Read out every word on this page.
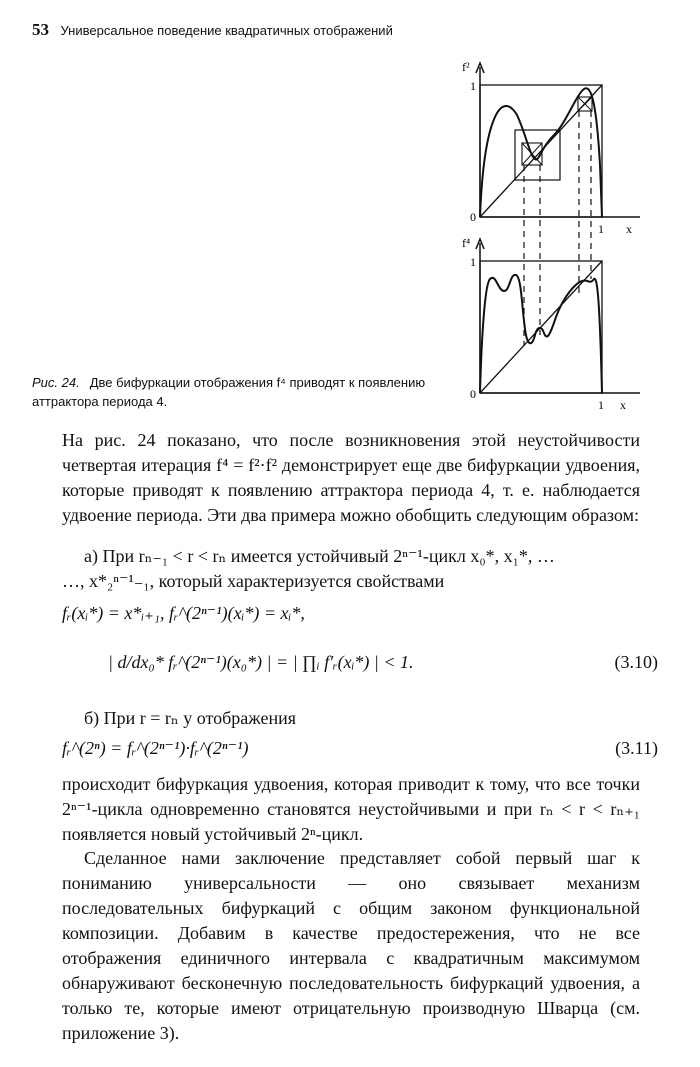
53 Универсальное поведение квадратичных отображений
f²
1
0
1 x
f⁴
1
0
1 x
Рис. 24. Две бифуркации отображения f⁴ приводят к появлению аттрактора периода 4.
На рис. 24 показано, что после возникновения этой неустойчивости четвертая итерация f⁴ = f²·f² демонстрирует еще две бифуркации удвоения, которые приводят к появлению аттрактора периода 4, т. е. наблюдается удвоение периода. Эти два примера можно обобщить следующим образом:
а) При rₙ₋₁ < r < rₙ имеется устойчивый 2ⁿ⁻¹-цикл x₀*, x₁*, …
…, x*₂ⁿ⁻¹₋₁, который характеризуется свойствами
fᵣ(xᵢ*) = x*ᵢ₊₁, fᵣ^(2ⁿ⁻¹)(xᵢ*) = xᵢ*,
| d/dx₀* fᵣ^(2ⁿ⁻¹)(x₀*) | = | ∏ᵢ f′ᵣ(xᵢ*) | < 1.	(3.10)
б) При r = rₙ у отображения
fᵣ^(2ⁿ) = fᵣ^(2ⁿ⁻¹)·fᵣ^(2ⁿ⁻¹)	(3.11)
происходит бифуркация удвоения, которая приводит к тому, что все точки 2ⁿ⁻¹-цикла одновременно становятся неустойчивыми и при rₙ < r < rₙ₊₁ появляется новый устойчивый 2ⁿ-цикл.
Сделанное нами заключение представляет собой первый шаг к пониманию универсальности — оно связывает механизм последовательных бифуркаций с общим законом функциональной композиции. Добавим в качестве предостережения, что не все отображения единичного интервала с квадратичным максимумом обнаруживают бесконечную последовательность бифуркаций удвоения, а только те, которые имеют отрицательную производную Шварца (см. приложение 3).
